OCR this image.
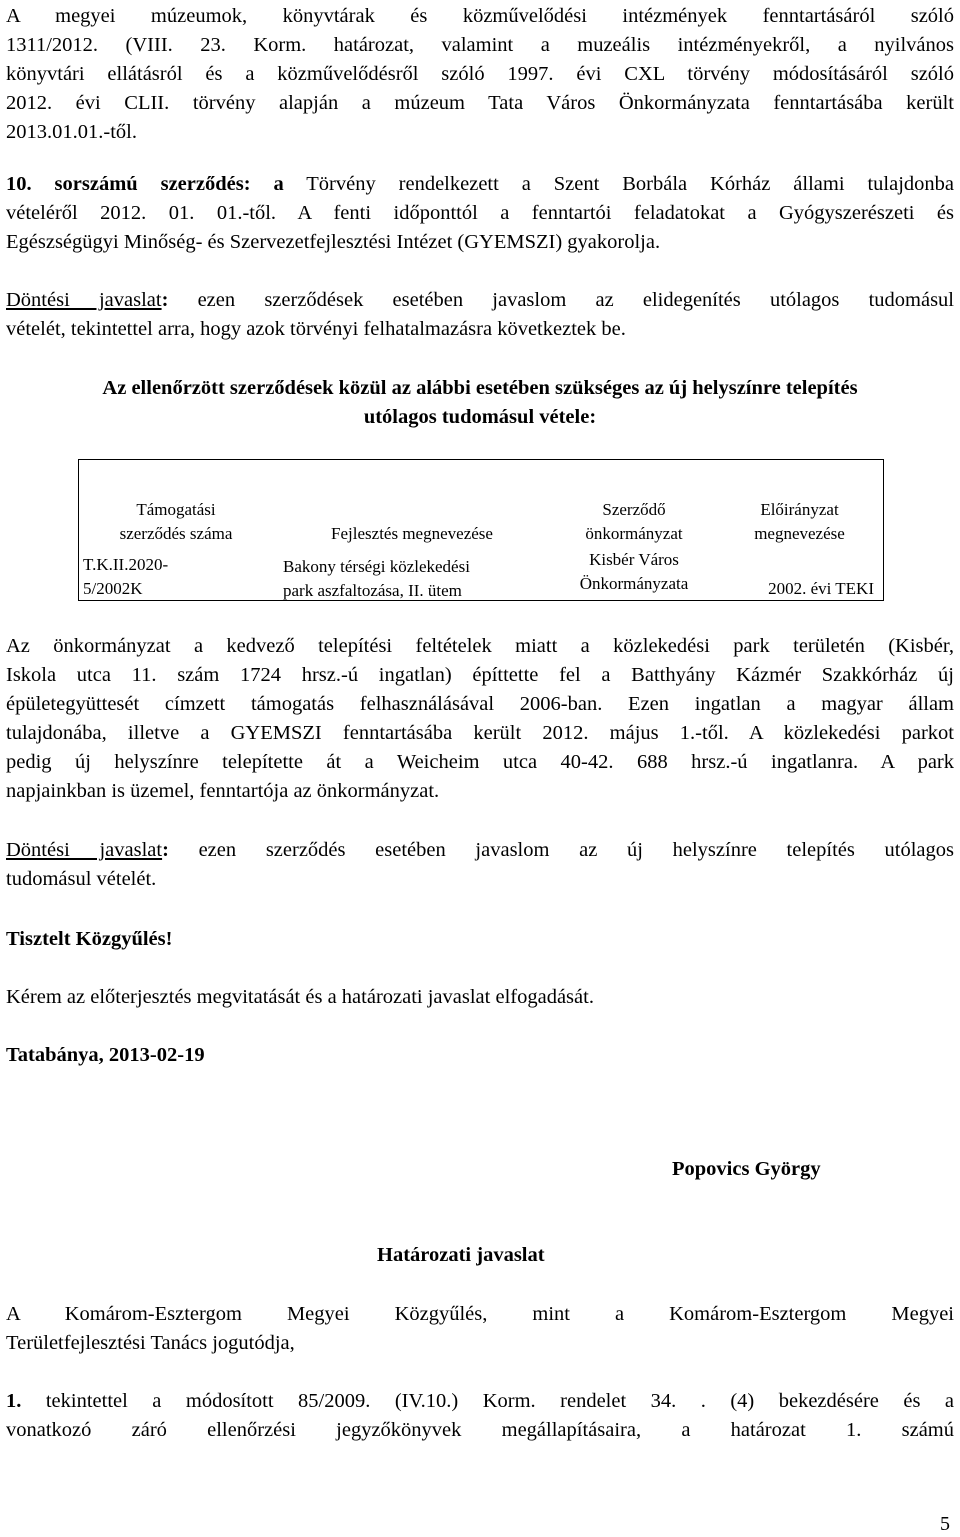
A megyei múzeumok, könyvtárak és közművelődési intézmények fenntartásáról szóló
1311/2012. (VIII. 23. Korm. határozat, valamint a muzeális intézményekről, a nyilvános
könyvtári ellátásról és a közművelődésről szóló 1997. évi CXL törvény módosításáról szóló
2012. évi CLII. törvény alapján a múzeum Tata Város Önkormányzata fenntartásába került
2013.01.01.-től.
10. sorszámú szerződés: a Törvény rendelkezett a Szent Borbála Kórház állami tulajdonba
vételéről 2012. 01. 01.-től. A fenti időponttól a fenntartói feladatokat a Gyógyszerészeti és
Egészségügyi Minőség- és Szervezetfejlesztési Intézet (GYEMSZI) gyakorolja.
Döntési javaslat: ezen szerződések esetében javaslom az elidegenítés utólagos tudomásul
vételét, tekintettel arra, hogy azok törvényi felhatalmazásra következtek be.
Az ellenőrzött szerződések közül az alábbi esetében szükséges az új helyszínre telepítés
utólagos tudomásul vétele:
Támogatási
szerződés száma
T.K.II.2020-
5/2002K
Fejlesztés megnevezése
Bakony térségi közlekedési
park aszfaltozása, II. ütem
Szerződő
önkormányzat
Kisbér Város
Önkormányzata
Előirányzat
megnevezése
2002. évi TEKI
Az önkormányzat a kedvező telepítési feltételek miatt a közlekedési park területén (Kisbér,
Iskola utca 11. szám 1724 hrsz.-ú ingatlan) építtette fel a Batthyány Kázmér Szakkórház új
épületegyüttesét címzett támogatás felhasználásával 2006-ban. Ezen ingatlan a magyar állam
tulajdonába, illetve a GYEMSZI fenntartásába került 2012. május 1.-től. A közlekedési parkot
pedig új helyszínre telepítette át a Weicheim utca 40-42. 688 hrsz.-ú ingatlanra. A park
napjainkban is üzemel, fenntartója az önkormányzat.
Döntési javaslat: ezen szerződés esetében javaslom az új helyszínre telepítés utólagos
tudomásul vételét.
Tisztelt Közgyűlés!
Kérem az előterjesztés megvitatását és a határozati javaslat elfogadását.
Tatabánya, 2013-02-19
Popovics György
Határozati javaslat
A Komárom-Esztergom Megyei Közgyűlés, mint a Komárom-Esztergom Megyei
Területfejlesztési Tanács jogutódja,
1. tekintettel a módosított 85/2009. (IV.10.) Korm. rendelet 34. . (4) bekezdésére és a
vonatkozó záró ellenőrzési jegyzőkönyvek megállapításaira, a határozat 1. számú
5
